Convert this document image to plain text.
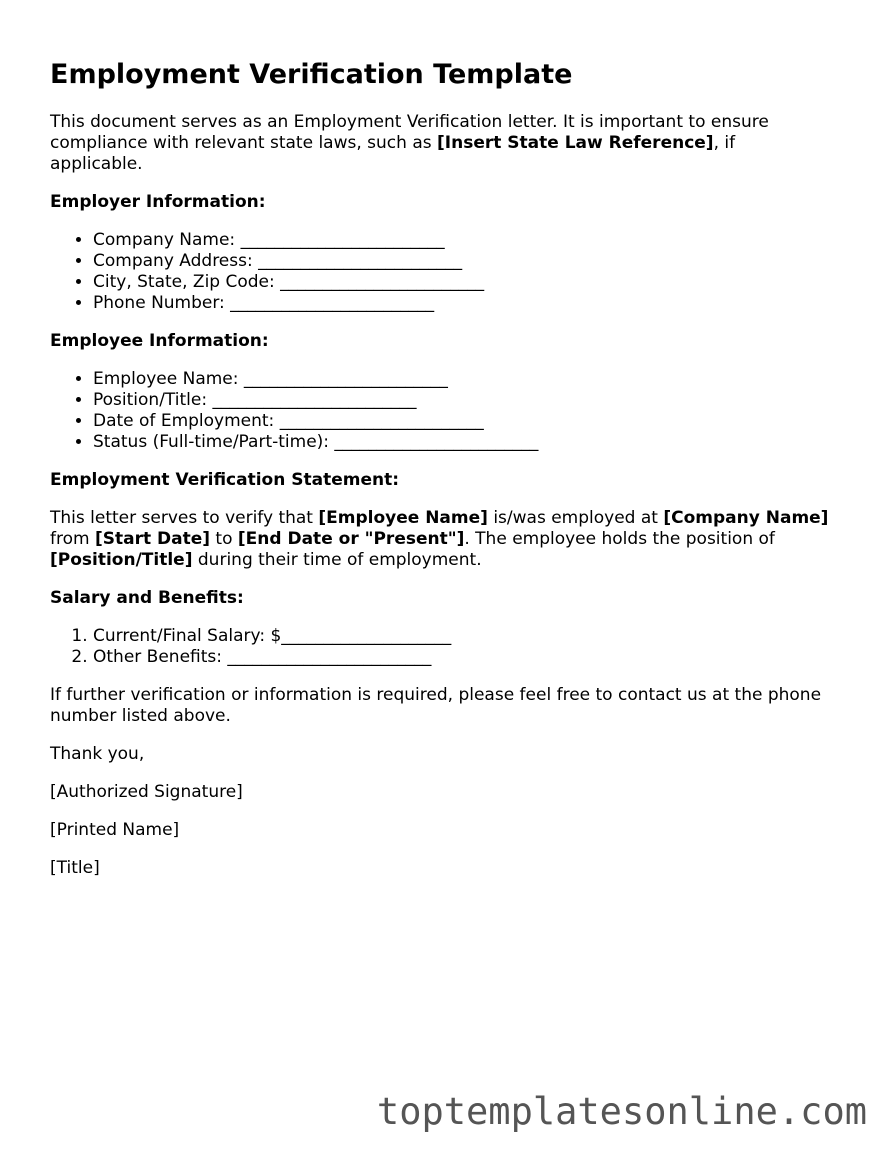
Employment Verification Template

This document serves as an Employment Verification letter. It is important to ensure compliance with relevant state laws, such as [Insert State Law Reference], if applicable.

Employer Information:

• Company Name: ________________________
• Company Address: ________________________
• City, State, Zip Code: ________________________
• Phone Number: ________________________

Employee Information:

• Employee Name: ________________________
• Position/Title: ________________________
• Date of Employment: ________________________
• Status (Full-time/Part-time): ________________________

Employment Verification Statement:

This letter serves to verify that [Employee Name] is/was employed at [Company Name] from [Start Date] to [End Date or "Present"]. The employee holds the position of [Position/Title] during their time of employment.

Salary and Benefits:

1. Current/Final Salary: $____________________
2. Other Benefits: ________________________

If further verification or information is required, please feel free to contact us at the phone number listed above.

Thank you,

[Authorized Signature]

[Printed Name]

[Title]

toptemplatesonline.com
